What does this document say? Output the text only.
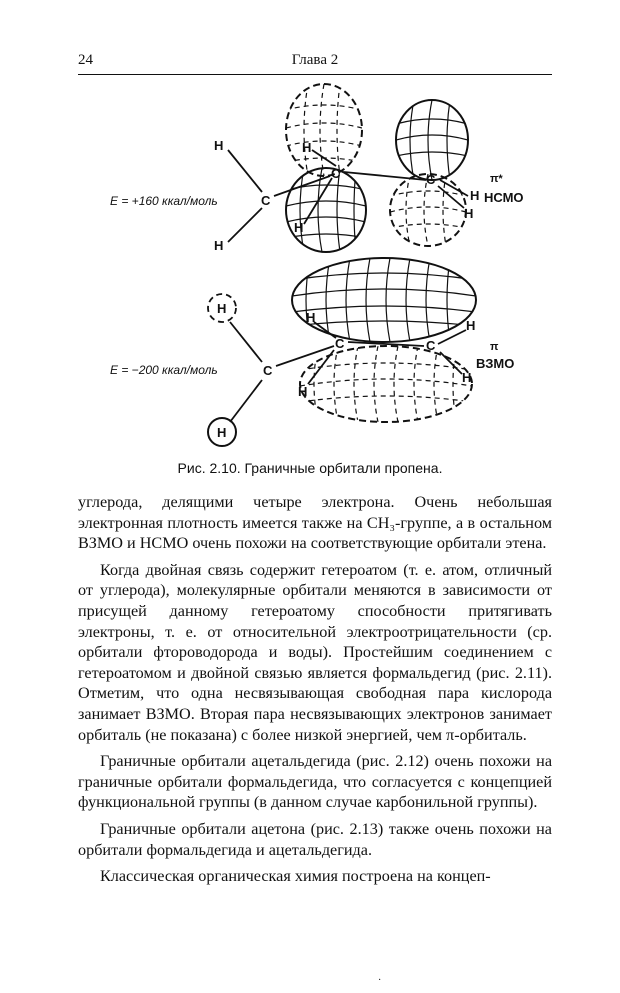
24	Глава 2
H
H
C
C	C
H
H
H
H
π*
НСМО
E = +160 ккал/моль
H
H
C
C	C
H
H
H
H
π
ВЗМО
E = −200 ккал/моль
Рис. 2.10. Граничные орбитали пропена.

углерода, делящими четыре электрона. Очень небольшая электронная плотность имеется также на CH₃-группе, а в остальном ВЗМО и НСМО очень похожи на соответствующие орбитали этена.

Когда двойная связь содержит гетероатом (т. е. атом, отличный от углерода), молекулярные орбитали меняются в зависимости от присущей данному гетероатому способности притягивать электроны, т. е. от относительной электроотрицательности (ср. орбитали фтороводорода и воды). Простейшим соединением с гетероатомом и двойной связью является формальдегид (рис. 2.11). Отметим, что одна несвязывающая свободная пара кислорода занимает ВЗМО. Вторая пара несвязывающих электронов занимает орбиталь (не показана) с более низкой энергией, чем π-орбиталь.

Граничные орбитали ацетальдегида (рис. 2.12) очень похожи на граничные орбитали формальдегида, что согласуется с концепцией функциональной группы (в данном случае карбонильной группы).

Граничные орбитали ацетона (рис. 2.13) также очень похожи на орбитали формальдегида и ацетальдегида.

Классическая органическая химия построена на концеп-

·
